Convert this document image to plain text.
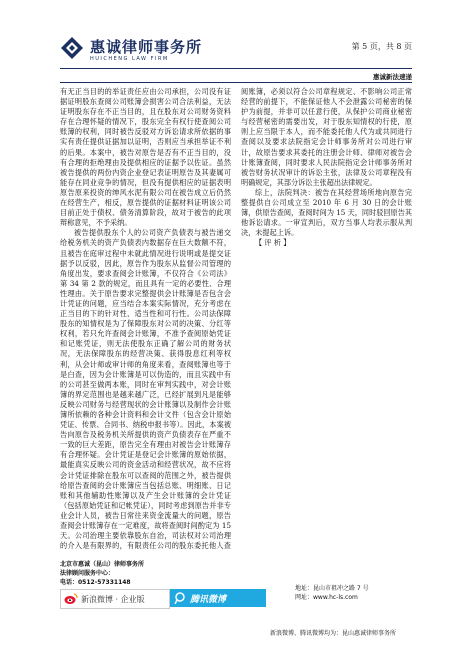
惠诚律师事务所
HUICHENG LAW FIRM
第 5 页，共 8 页
惠诚新法速递

有无正当目的的举证责任应由公司承担，公司没有证据证明股东查阅公司账簿会损害公司合法利益，无法证明股东存在不正当目的，且在股东对公司财务资料存在合理怀疑的情况下，股东完全有权行使查阅公司账簿的权利，同时被告反驳对方诉讼请求所依据的事实有责任提供证据加以证明，否则应当承担举证不利的后果。本案中，被告对原告是否有不正当目的，没有合理的拒绝理由及提供相应的证据予以佐证。虽然被告提供的两份内资企业登记表证明原告及其妻属可能存在同业竞争的情况，但没有提供相应的证据表明原告原来投资的绅风水泥有限公司在被告成立后仍然在经营生产，相反，原告提供的证据材料证明该公司目前正处于债权、债务清算阶段，故对于被告的此项辩称意见，不予采纳。

被告提供股东个人的公司资产负债表与被告递交给税务机关的资产负债表内数据存在巨大数额不符，且被告在庭审过程中未就此情况进行说明或是提交证据予以反驳，因此，原告作为股东从监督公司管理的角度出发，要求查阅会计账簿，不仅符合《公司法》第 34 第 2 款的规定，而且具有一定的必要性、合理性理由。关于原告要求完整提供会计账簿是否包含会计凭证的问题，应当结合本案实际情况，充分考虑在正当目的下的针对性、适当性和可行性。公司法保障股东的知情权是为了保障股东对公司的决策、分红等权利，若只允许查阅会计账簿，不准予查阅原始凭证和记账凭证，则无法使股东正确了解公司的财务状况，无法保障股东的经营决策、获得股息红利等权利，从会计师或审计师的角度来看，查阅账簿也等于是白查，因为会计账簿是可以伪造的，而且实践中有的公司甚至做两本账，同时在审判实践中，对会计账簿的界定范围也是越来越广泛，已经扩展到凡是能够反映公司财务与经营现状的会计账簿以及制作会计账簿所依赖的各种会计资料和会计文件（包含会计原始凭证、传票、合同书、纳税申报书等）。因此，本案被告向原告及税务机关所提供的资产负债表存在严重不一致的巨大差距，原告完全有理由对被告会计账簿存有合理怀疑。会计凭证是登记会计账簿的原始依据，最能真实反映公司的资金活动和经营状况，故不应将会计凭证排除在股东可以查阅的范围之外，被告提供给原告查阅的会计账簿应当包括总账、明细账、日记账和其他辅助性账簿以及产生会计账簿的会计凭证（包括原始凭证和记帐凭证），同时考虑到原告并非专业会计人员，被告日常往来资金流量大的问题，原告查阅会计账簿存在一定难度，故将查阅时间酌定为 15 天。公司治理主要依靠股东自治，司法权对公司治理的介入是有限界的，有限责任公司的股东委托他人查阅账簿，必须以符合公司章程规定、不影响公司正常经营的前提下，不能保证他人不会泄露公司秘密的保护为前提，并非可以任意行使，从保护公司商业秘密与经营秘密的需要出发，对于股东知情权的行使，原则上应当限于本人，而不能委托他人代为或共同进行查阅以及要求法院指定会计师事务所对公司进行审计，故原告要求其委托的注册会计师、律师对被告会计账簿查阅，同时要求人民法院指定会计师事务所对被告财务状况审计的诉讼主张，法律及公司章程没有明确规定，其部分诉讼主张超出法律规定。

综上，法院判决：被告在其经营场所地向原告完整提供自公司成立至 2010 年 6 月 30 日的会计账簿，供原告查阅，查阅时间为 15 天，同时驳回原告其他诉讼请求。一审宣判后，双方当事人均表示服从判决，未提起上诉。

【 评 析 】

北京市惠诚（昆山）律师事务所
法律顾问服务中心：
电话：0512-57331148
新浪微博 · 企业版	腾讯微博
地址：昆山市祖冲之路 7 号
网址：www.hc-ls.com
新浪微博、腾讯微博均为：昆山惠诚律师事务所
